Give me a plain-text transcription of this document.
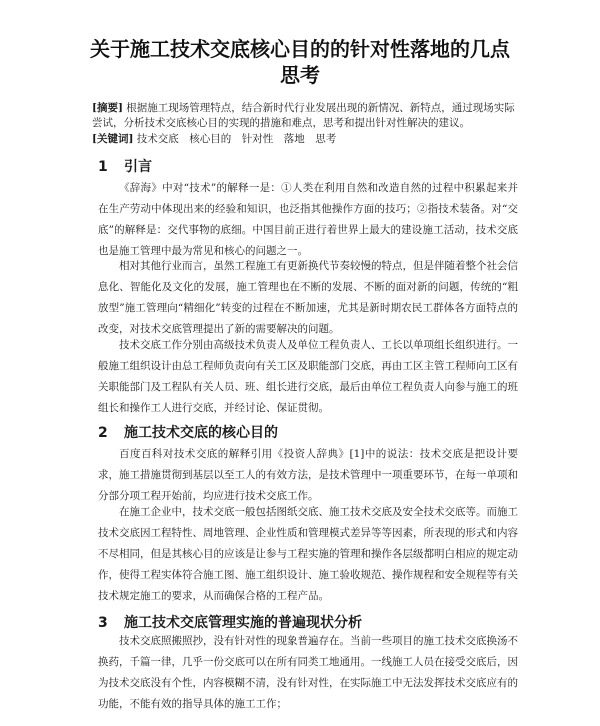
关于施工技术交底核心目的的针对性落地的几点
思考
[摘要] 根据施工现场管理特点，结合新时代行业发展出现的新情况、新特点，通过现场实际尝试，分析技术交底核心目的实现的措施和难点，思考和提出针对性解决的建议。
[关键词] 技术交底　核心目的　针对性　落地　思考
1 引言

《辞海》中对“技术”的解释一是：①人类在利用自然和改造自然的过程中积累起来并在生产劳动中体现出来的经验和知识，也泛指其他操作方面的技巧；②指技术装备。对“交底”的解释是：交代事物的底细。中国目前正进行着世界上最大的建设施工活动，技术交底也是施工管理中最为常见和核心的问题之一。

相对其他行业而言，虽然工程施工有更新换代节奏较慢的特点，但是伴随着整个社会信息化、智能化及文化的发展，施工管理也在不断的发展、不断的面对新的问题，传统的“粗放型”施工管理向“精细化”转变的过程在不断加速，尤其是新时期农民工群体各方面特点的改变，对技术交底管理提出了新的需要解决的问题。

技术交底工作分别由高级技术负责人及单位工程负责人、工长以单项组长组织进行。一般施工组织设计由总工程师负责向有关工区及职能部门交底，再由工区主管工程师向工区有关职能部门及工程队有关人员、班、组长进行交底，最后由单位工程负责人向参与施工的班组长和操作工人进行交底，并经讨论、保证贯彻。

2 施工技术交底的核心目的

百度百科对技术交底的解释引用《投资人辞典》[1]中的说法：技术交底是把设计要求，施工措施贯彻到基层以至工人的有效方法，是技术管理中一项重要环节，在每一单项和分部分项工程开始前，均应进行技术交底工作。

在施工企业中，技术交底一般包括图纸交底、施工技术交底及安全技术交底等。而施工技术交底因工程特性、周地管理、企业性质和管理模式差异等等因素，所表现的形式和内容不尽相同，但是其核心目的应该是让参与工程实施的管理和操作各层级都明白相应的规定动作，使得工程实体符合施工图、施工组织设计、施工验收规范、操作规程和安全规程等有关技术规定施工的要求，从而确保合格的工程产品。

3 施工技术交底管理实施的普遍现状分析

技术交底照搬照抄，没有针对性的现象普遍存在。当前一些项目的施工技术交底换汤不换药，千篇一律，几乎一份交底可以在所有同类工地通用。一线施工人员在接受交底后，因为技术交底没有个性，内容模糊不清，没有针对性，在实际施工中无法发挥技术交底应有的功能，不能有效的指导具体的施工工作；
